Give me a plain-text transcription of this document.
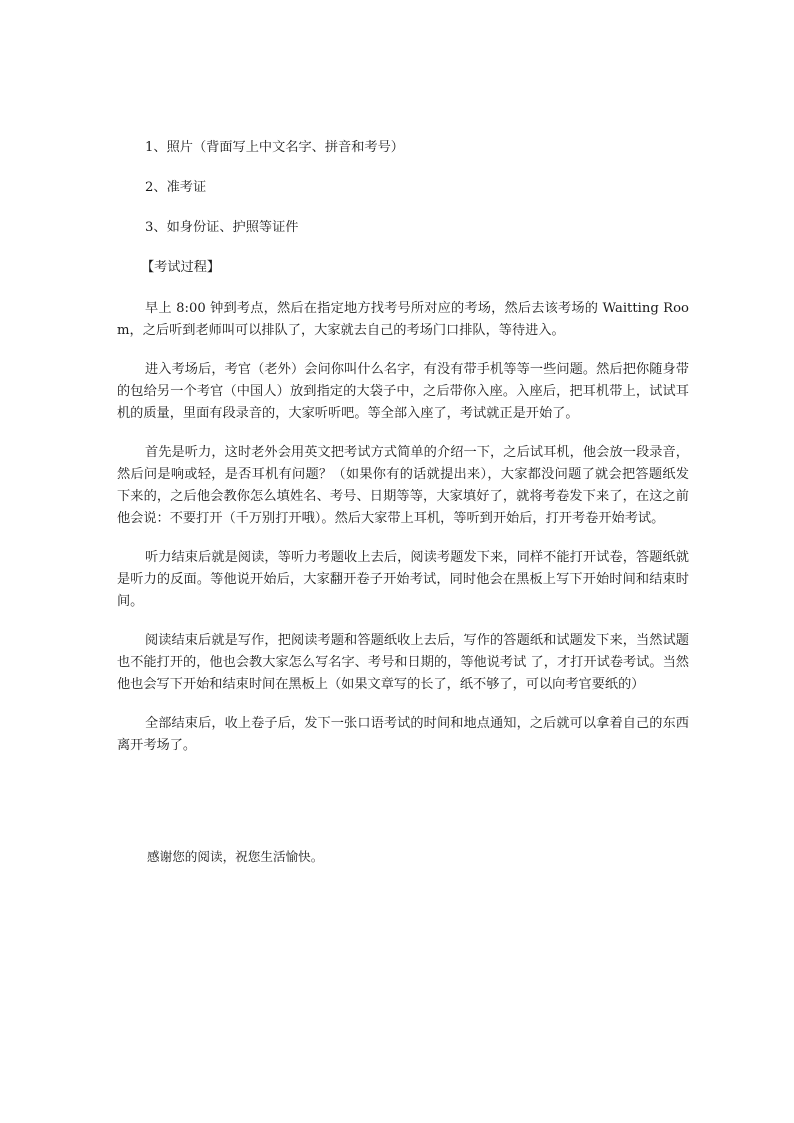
1、照片（背面写上中文名字、拼音和考号）
2、准考证
3、如身份证、护照等证件
【考试过程】

早上 8:00 钟到考点，然后在指定地方找考号所对应的考场，然后去该考场的 Waitting Room，之后听到老师叫可以排队了，大家就去自己的考场门口排队，等待进入。

进入考场后，考官（老外）会问你叫什么名字，有没有带手机等等一些问题。然后把你随身带的包给另一个考官（中国人）放到指定的大袋子中，之后带你入座。入座后，把耳机带上，试试耳机的质量，里面有段录音的，大家听听吧。等全部入座了，考试就正是开始了。

首先是听力，这时老外会用英文把考试方式简单的介绍一下，之后试耳机，他会放一段录音，然后问是响或轻，是否耳机有问题？（如果你有的话就提出来），大家都没问题了就会把答题纸发下来的，之后他会教你怎么填姓名、考号、日期等等，大家填好了，就将考卷发下来了，在这之前他会说：不要打开（千万别打开哦）。然后大家带上耳机，等听到开始后，打开考卷开始考试。

听力结束后就是阅读，等听力考题收上去后，阅读考题发下来，同样不能打开试卷，答题纸就是听力的反面。等他说开始后，大家翻开卷子开始考试，同时他会在黑板上写下开始时间和结束时间。

阅读结束后就是写作，把阅读考题和答题纸收上去后，写作的答题纸和试题发下来，当然试题也不能打开的，他也会教大家怎么写名字、考号和日期的，等他说考试 了，才打开试卷考试。当然他也会写下开始和结束时间在黑板上（如果文章写的长了，纸不够了，可以向考官要纸的）

全部结束后，收上卷子后，发下一张口语考试的时间和地点通知，之后就可以拿着自己的东西离开考场了。

感谢您的阅读，祝您生活愉快。
